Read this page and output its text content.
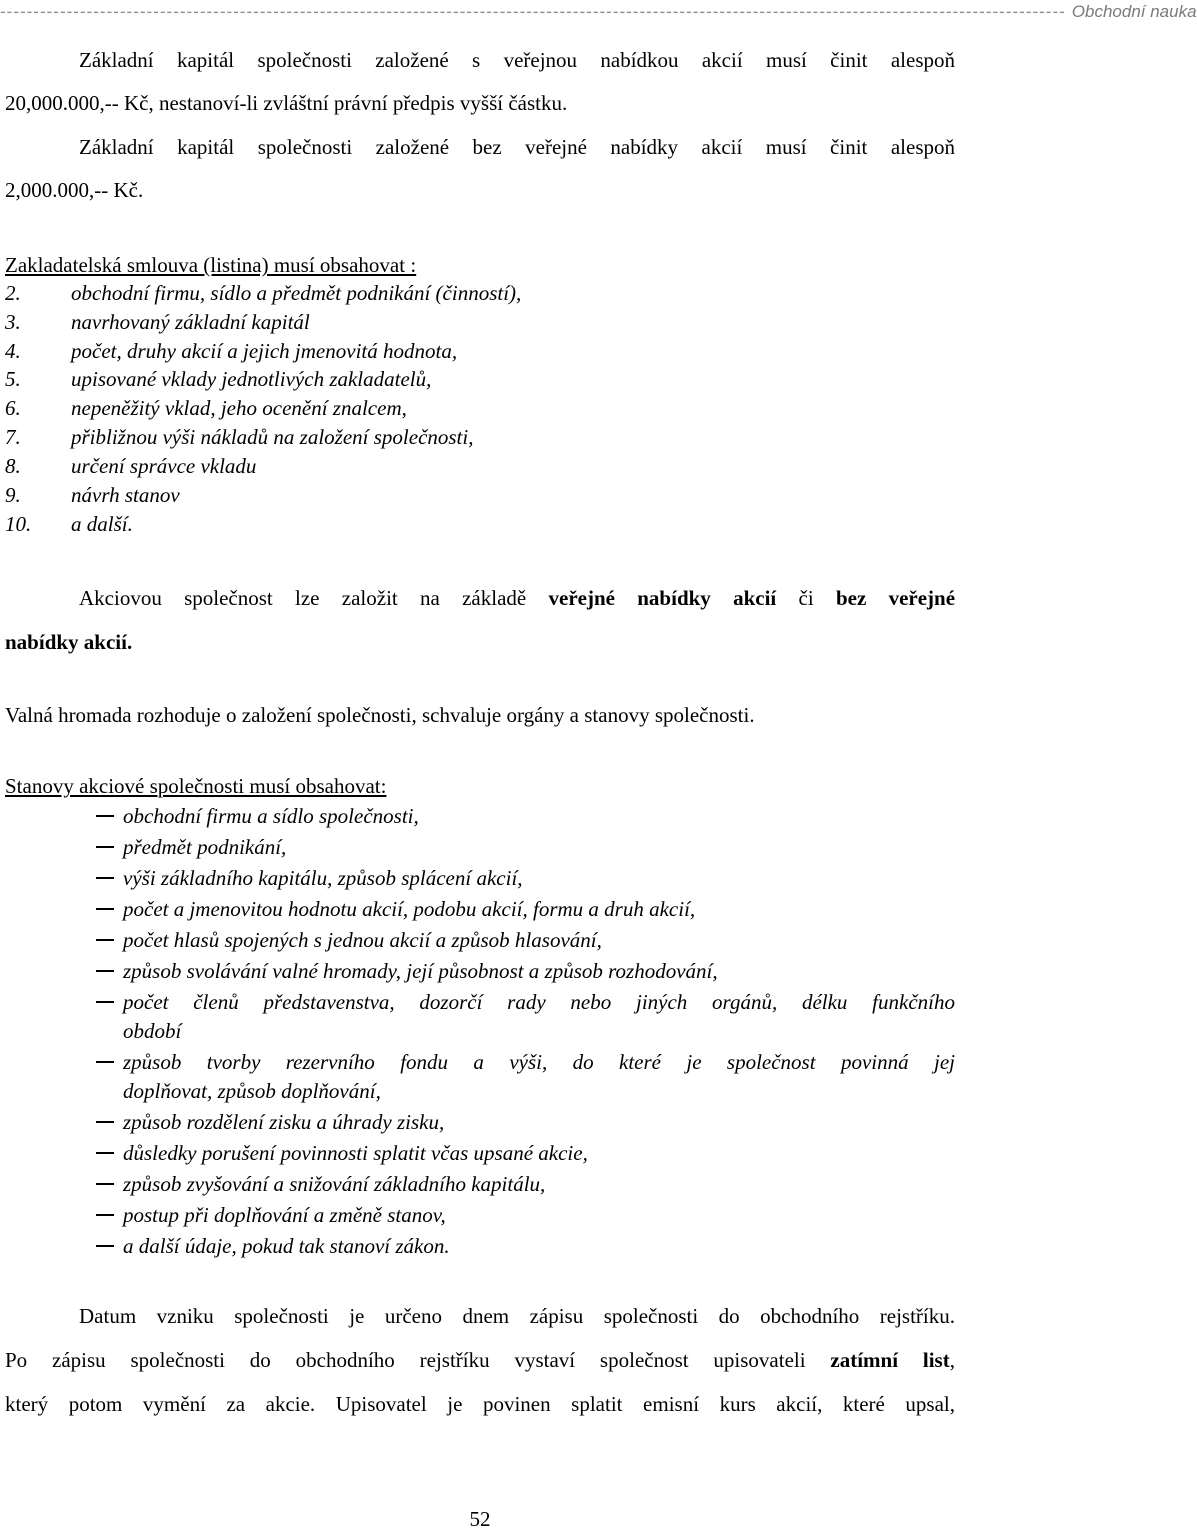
---------------------------------------------------------------------------------------------------------------------------------------------------------------- Obchodní nauka
Základní kapitál společnosti založené s veřejnou nabídkou akcií musí činit alespoň
20,000.000,-- Kč, nestanoví-li zvláštní právní předpis vyšší částku.
Základní kapitál společnosti založené bez veřejné nabídky akcií musí činit alespoň
2,000.000,-- Kč.
Zakladatelská smlouva (listina) musí obsahovat :
2. obchodní firmu, sídlo a předmět podnikání (činností),
3. navrhovaný základní kapitál
4. počet, druhy akcií a jejich jmenovitá hodnota,
5. upisované vklady jednotlivých zakladatelů,
6. nepeněžitý vklad, jeho ocenění znalcem,
7. přibližnou výši nákladů na založení společnosti,
8. určení správce vkladu
9. návrh stanov
10. a další.
Akciovou společnost lze založit na základě veřejné nabídky akcií či bez veřejné
nabídky akcií.
Valná hromada rozhoduje o založení společnosti, schvaluje orgány a stanovy společnosti.
Stanovy akciové společnosti musí obsahovat:
obchodní firmu a sídlo společnosti,
předmět podnikání,
výši základního kapitálu, způsob splácení akcií,
počet a jmenovitou hodnotu akcií, podobu akcií, formu a druh akcií,
počet hlasů spojených s jednou akcií a způsob hlasování,
způsob svolávání valné hromady, její působnost a způsob rozhodování,
počet členů představenstva, dozorčí rady nebo jiných orgánů, délku funkčního
období
způsob tvorby rezervního fondu a výši, do které je společnost povinná jej
doplňovat, způsob doplňování,
způsob rozdělení zisku a úhrady zisku,
důsledky porušení povinnosti splatit včas upsané akcie,
způsob zvyšování a snižování základního kapitálu,
postup při doplňování a změně stanov,
a další údaje, pokud tak stanoví zákon.
Datum vzniku společnosti je určeno dnem zápisu společnosti do obchodního rejstříku.
Po zápisu společnosti do obchodního rejstříku vystaví společnost upisovateli zatímní list,
který potom vymění za akcie. Upisovatel je povinen splatit emisní kurs akcií, které upsal,
52
